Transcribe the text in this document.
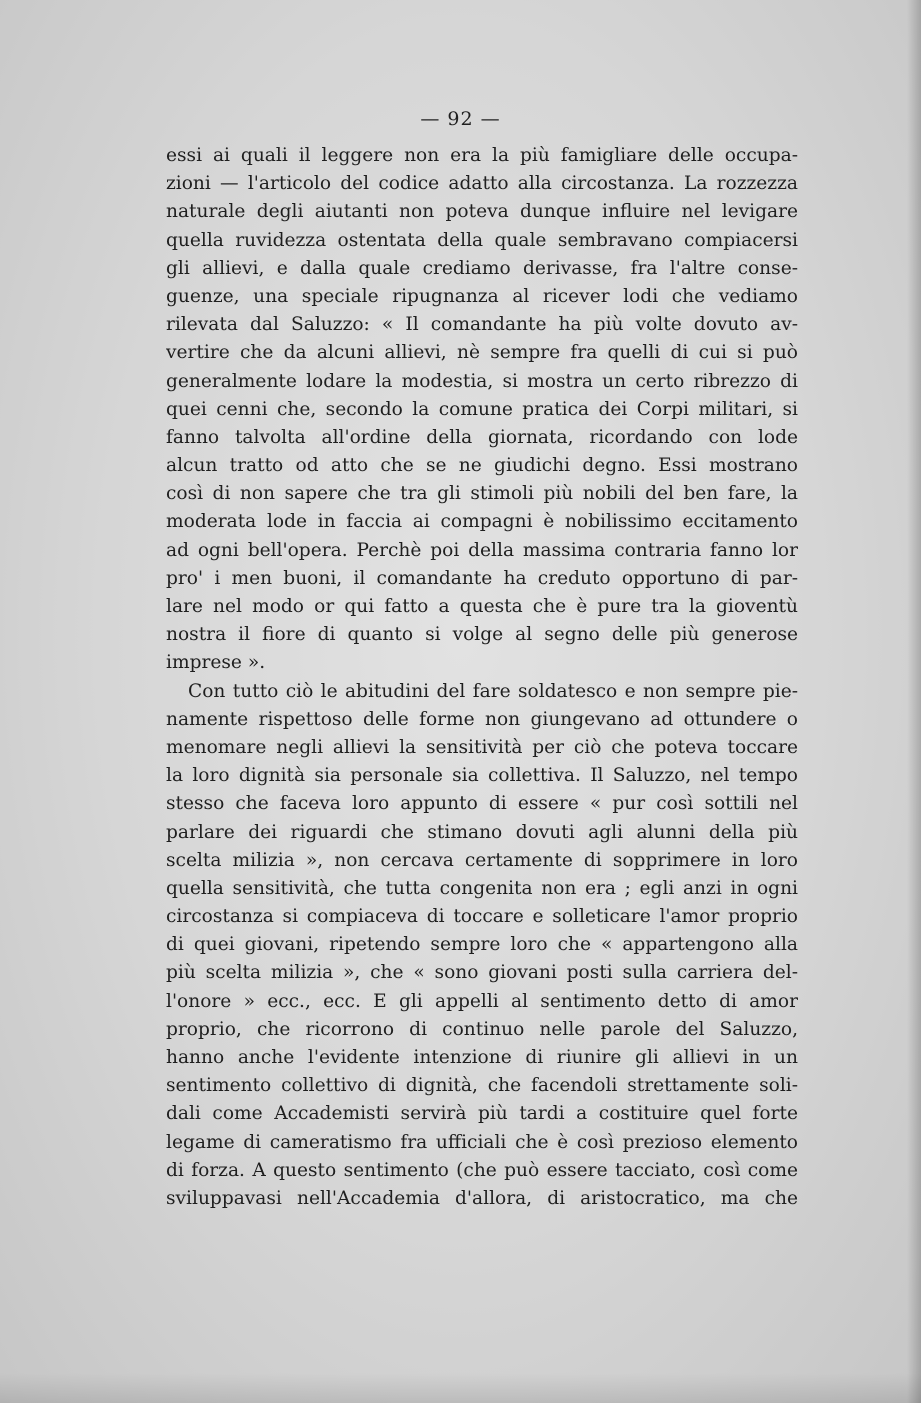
— 92 —
essi ai quali il leggere non era la più famigliare delle occupa-
zioni — l'articolo del codice adatto alla circostanza. La rozzezza
naturale degli aiutanti non poteva dunque influire nel levigare
quella ruvidezza ostentata della quale sembravano compiacersi
gli allievi, e dalla quale crediamo derivasse, fra l'altre conse-
guenze, una speciale ripugnanza al ricever lodi che vediamo
rilevata dal Saluzzo: « Il comandante ha più volte dovuto av-
vertire che da alcuni allievi, nè sempre fra quelli di cui si può
generalmente lodare la modestia, si mostra un certo ribrezzo di
quei cenni che, secondo la comune pratica dei Corpi militari, si
fanno talvolta all'ordine della giornata, ricordando con lode
alcun tratto od atto che se ne giudichi degno. Essi mostrano
così di non sapere che tra gli stimoli più nobili del ben fare, la
moderata lode in faccia ai compagni è nobilissimo eccitamento
ad ogni bell'opera. Perchè poi della massima contraria fanno lor
pro' i men buoni, il comandante ha creduto opportuno di par-
lare nel modo or qui fatto a questa che è pure tra la gioventù
nostra il fiore di quanto si volge al segno delle più generose
imprese ».
Con tutto ciò le abitudini del fare soldatesco e non sempre pie-
namente rispettoso delle forme non giungevano ad ottundere o
menomare negli allievi la sensitività per ciò che poteva toccare
la loro dignità sia personale sia collettiva. Il Saluzzo, nel tempo
stesso che faceva loro appunto di essere « pur così sottili nel
parlare dei riguardi che stimano dovuti agli alunni della più
scelta milizia », non cercava certamente di sopprimere in loro
quella sensitività, che tutta congenita non era ; egli anzi in ogni
circostanza si compiaceva di toccare e solleticare l'amor proprio
di quei giovani, ripetendo sempre loro che « appartengono alla
più scelta milizia », che « sono giovani posti sulla carriera del-
l'onore » ecc., ecc. E gli appelli al sentimento detto di amor
proprio, che ricorrono di continuo nelle parole del Saluzzo,
hanno anche l'evidente intenzione di riunire gli allievi in un
sentimento collettivo di dignità, che facendoli strettamente soli-
dali come Accademisti servirà più tardi a costituire quel forte
legame di cameratismo fra ufficiali che è così prezioso elemento
di forza. A questo sentimento (che può essere tacciato, così come
sviluppavasi nell'Accademia d'allora, di aristocratico, ma che
